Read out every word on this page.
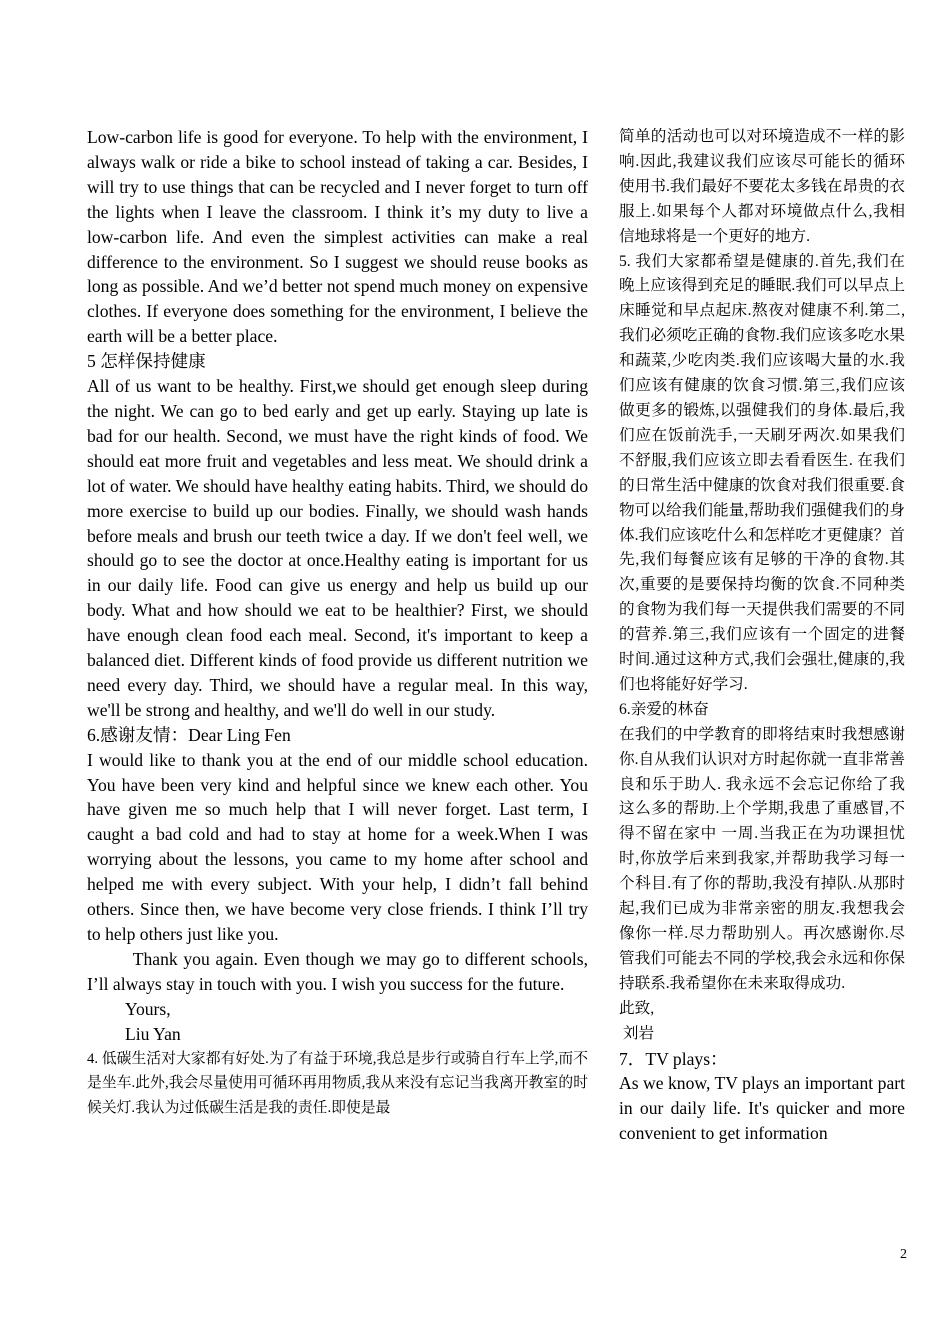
Low-carbon life is good for everyone. To help with the environment, I always walk or ride a bike to school instead of taking a car. Besides, I will try to use things that can be recycled and I never forget to turn off the lights when I leave the classroom. I think it’s my duty to live a low-carbon life. And even the simplest activities can make a real difference to the environment. So I suggest we should reuse books as long as possible. And we’d better not spend much money on expensive clothes. If everyone does something for the environment, I believe the earth will be a better place.

5 怎样保持健康

All of us want to be healthy. First,we should get enough sleep during the night. We can go to bed early and get up early. Staying up late is bad for our health. Second, we must have the right kinds of food. We should eat more fruit and vegetables and less meat. We should drink a lot of water. We should have healthy eating habits. Third, we should do more exercise to build up our bodies. Finally, we should wash hands before meals and brush our teeth twice a day. If we don't feel well, we should go to see the doctor at once.Healthy eating is important for us in our daily life. Food can give us energy and help us build up our body. What and how should we eat to be healthier? First, we should have enough clean food each meal. Second, it's important to keep a balanced diet. Different kinds of food provide us different nutrition we need every day. Third, we should have a regular meal. In this way, we'll be strong and healthy, and we'll do well in our study.

6.感谢友情：Dear Ling Fen

I would like to thank you at the end of our middle school education. You have been very kind and helpful since we knew each other. You have given me so much help that I will never forget. Last term, I caught a bad cold and had to stay at home for a week.When I was worrying about the lessons, you came to my home after school and helped me with every subject. With your help, I didn’t fall behind others. Since then, we have become very close friends. I think I’ll try to help others just like you.

Thank you again. Even though we may go to different schools, I’ll always stay in touch with you. I wish you success for the future.

Yours,

Liu Yan

4. 低碳生活对大家都有好处.为了有益于环境,我总是步行或骑自行车上学,而不是坐车.此外,我会尽量使用可循环再用物质,我从来没有忘记当我离开教室的时候关灯.我认为过低碳生活是我的责任.即使是最

简单的活动也可以对环境造成不一样的影响.因此,我建议我们应该尽可能长的循环使用书.我们最好不要花太多钱在昂贵的衣服上.如果每个人都对环境做点什么,我相信地球将是一个更好的地方.

5. 我们大家都希望是健康的.首先,我们在晚上应该得到充足的睡眠.我们可以早点上床睡觉和早点起床.熬夜对健康不利.第二,我们必须吃正确的食物.我们应该多吃水果和蔬菜,少吃肉类.我们应该喝大量的水.我们应该有健康的饮食习惯.第三,我们应该做更多的锻炼,以强健我们的身体.最后,我们应在饭前洗手,一天刷牙两次.如果我们不舒服,我们应该立即去看看医生. 在我们的日常生活中健康的饮食对我们很重要.食物可以给我们能量,帮助我们强健我们的身体.我们应该吃什么和怎样吃才更健康？首先,我们每餐应该有足够的干净的食物.其次,重要的是要保持均衡的饮食.不同种类的食物为我们每一天提供我们需要的不同的营养.第三,我们应该有一个固定的进餐时间.通过这种方式,我们会强壮,健康的,我们也将能好好学习.

6.亲爱的林奋

在我们的中学教育的即将结束时我想感谢你.自从我们认识对方时起你就一直非常善良和乐于助人. 我永远不会忘记你给了我这么多的帮助.上个学期,我患了重感冒,不得不留在家中 一周.当我正在为功课担忧时,你放学后来到我家,并帮助我学习每一个科目.有了你的帮助,我没有掉队.从那时起,我们已成为非常亲密的朋友.我想我会像你一样.尽力帮助别人。再次感谢你.尽管我们可能去不同的学校,我会永远和你保持联系.我希望你在未来取得成功.

此致,

刘岩

7．TV plays：

As we know, TV plays an important part in our daily life. It's quicker and more convenient to get information

2
